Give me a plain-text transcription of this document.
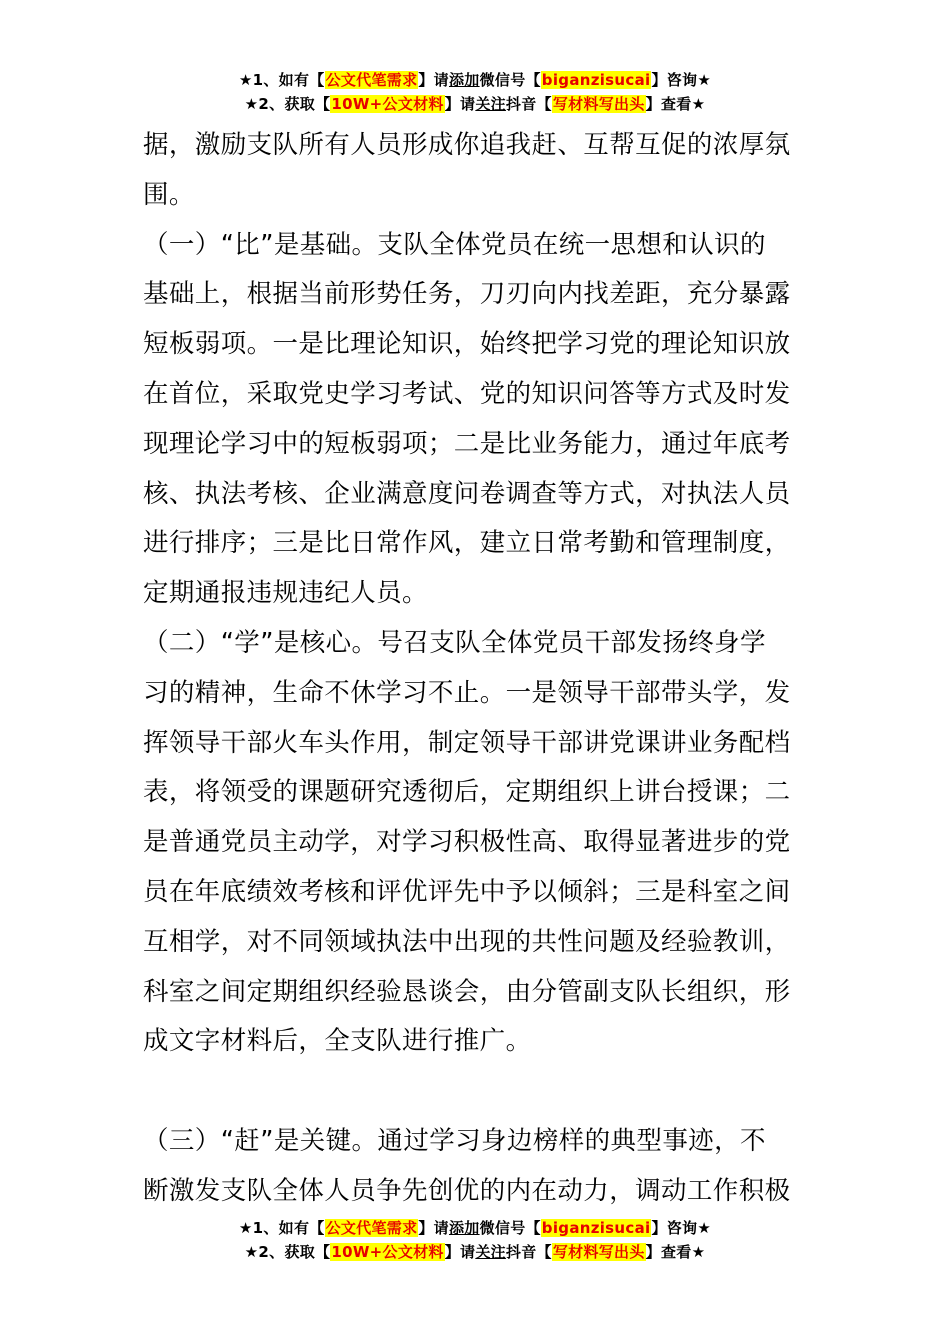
★1、如有【公文代笔需求】请添加微信号【biganzisucai】咨询★
★2、获取【10W+公文材料】请关注抖音【写材料写出头】查看★
据，激励支队所有人员形成你追我赶、互帮互促的浓厚氛
围。
（一）“比”是基础。支队全体党员在统一思想和认识的
基础上，根据当前形势任务，刀刃向内找差距，充分暴露
短板弱项。一是比理论知识，始终把学习党的理论知识放
在首位，采取党史学习考试、党的知识问答等方式及时发
现理论学习中的短板弱项；二是比业务能力，通过年底考
核、执法考核、企业满意度问卷调查等方式，对执法人员
进行排序；三是比日常作风，建立日常考勤和管理制度，
定期通报违规违纪人员。
（二）“学”是核心。号召支队全体党员干部发扬终身学
习的精神，生命不休学习不止。一是领导干部带头学，发
挥领导干部火车头作用，制定领导干部讲党课讲业务配档
表，将领受的课题研究透彻后，定期组织上讲台授课；二
是普通党员主动学，对学习积极性高、取得显著进步的党
员在年底绩效考核和评优评先中予以倾斜；三是科室之间
互相学，对不同领域执法中出现的共性问题及经验教训，
科室之间定期组织经验恳谈会，由分管副支队长组织，形
成文字材料后，全支队进行推广。
（三）“赶”是关键。通过学习身边榜样的典型事迹，不
断激发支队全体人员争先创优的内在动力，调动工作积极
★1、如有【公文代笔需求】请添加微信号【biganzisucai】咨询★
★2、获取【10W+公文材料】请关注抖音【写材料写出头】查看★
